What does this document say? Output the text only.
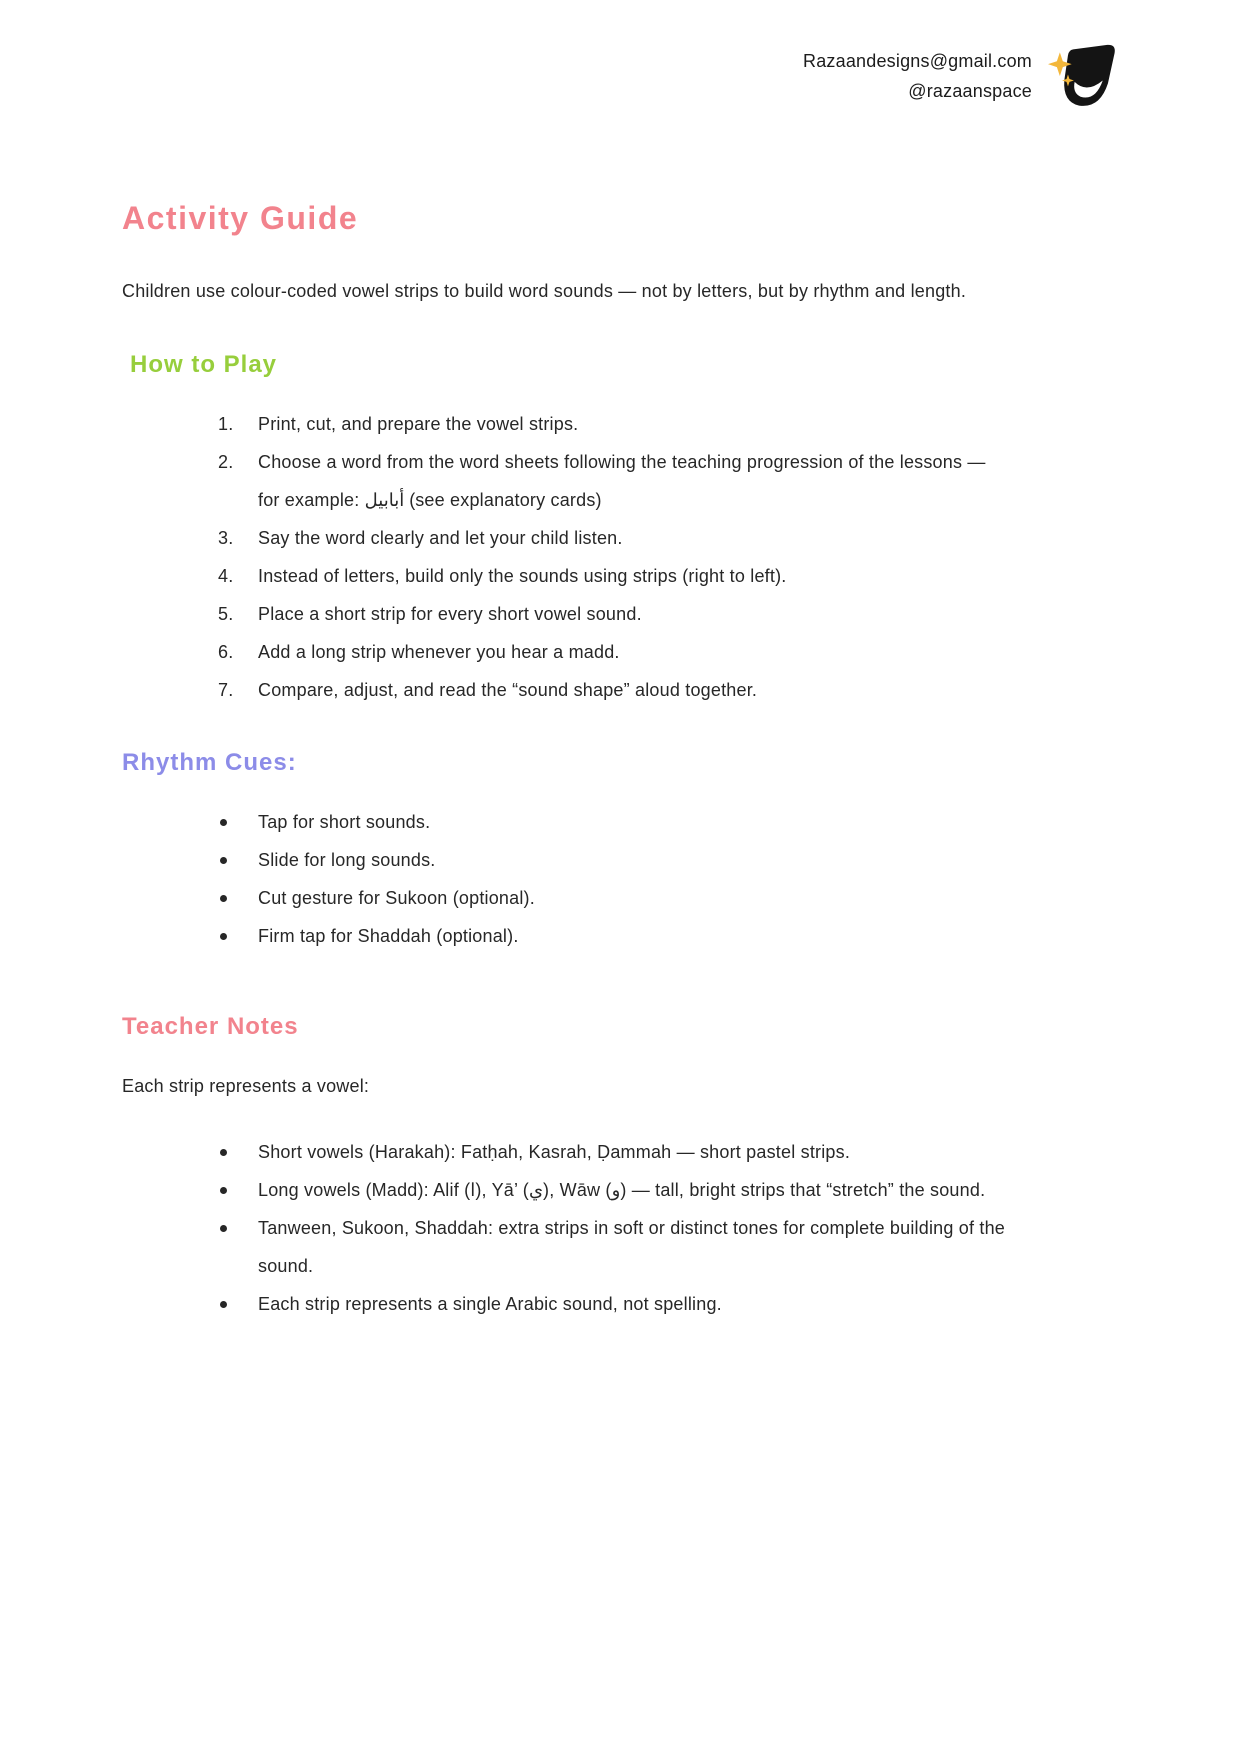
Razaandesigns@gmail.com
@razaanspace
Activity Guide

Children use colour-coded vowel strips to build word sounds — not by letters, but by rhythm and length.

How to Play
1.	Print, cut, and prepare the vowel strips.
2.	Choose a word from the word sheets following the teaching progression of the lessons — for example: أبابيل (see explanatory cards)
3.	Say the word clearly and let your child listen.
4.	Instead of letters, build only the sounds using strips (right to left).
5.	Place a short strip for every short vowel sound.
6.	Add a long strip whenever you hear a madd.
7.	Compare, adjust, and read the “sound shape” aloud together.
Rhythm Cues:
Tap for short sounds.
Slide for long sounds.
Cut gesture for Sukoon (optional).
Firm tap for Shaddah (optional).
Teacher Notes

Each strip represents a vowel:

Short vowels (Harakah): Fatḥah, Kasrah, Ḍammah — short pastel strips.
Long vowels (Madd): Alif (ا), Yā’ (ي), Wāw (و) — tall, bright strips that “stretch” the sound.
Tanween, Sukoon, Shaddah: extra strips in soft or distinct tones for complete building of the sound.
Each strip represents a single Arabic sound, not spelling.
